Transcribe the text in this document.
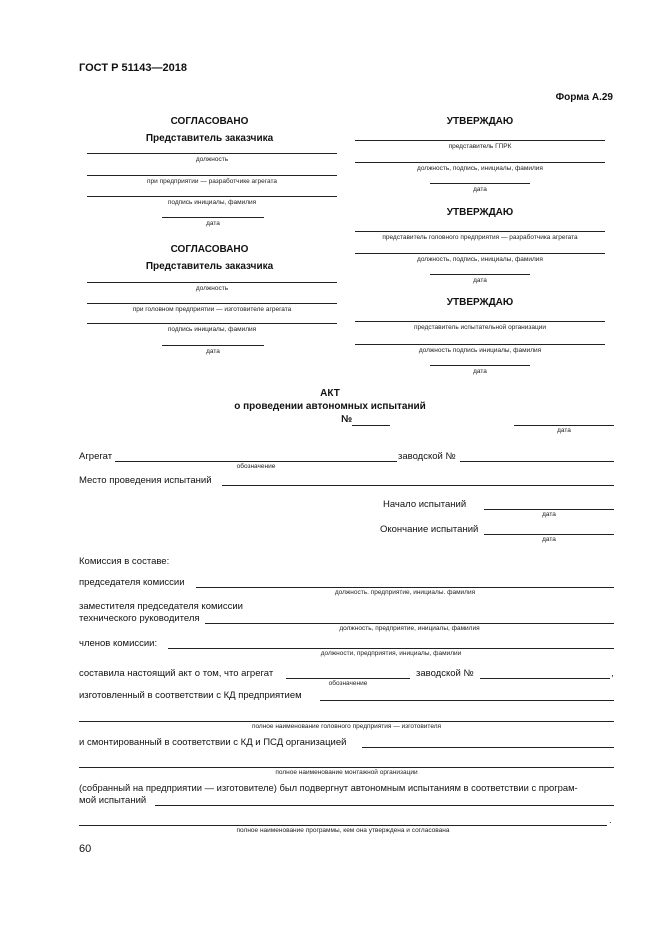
ГОСТ Р 51143—2018
Форма А.29
СОГЛАСОВАНО
Представитель заказчика
должность
при предприятии — разработчике агрегата
подпись инициалы, фамилия
дата
СОГЛАСОВАНО
Представитель заказчика
должность
при головном предприятии — изготовителе агрегата
подпись инициалы, фамилия
дата
УТВЕРЖДАЮ
представитель ГПРК
должность, подпись, инициалы, фамилия
дата
УТВЕРЖДАЮ
представитель головного предприятия — разработчика агрегата
должность, подпись, инициалы, фамилия
дата
УТВЕРЖДАЮ
представитель испытательной организации
должность подпись инициалы, фамилия
дата
АКТ
о проведении автономных испытаний
№
дата
Агрегат
обозначение
заводской №
Место проведения испытаний
Начало испытаний
дата
Окончание испытаний
дата
Комиссия в составе:
председателя комиссии
должность. предприятие, инициалы. фамилия
заместителя председателя комиссии
технического руководителя
должность, предприятие, инициалы, фамилия
членов комиссии:
должности, предприятия, инициалы, фамилии
составила настоящий акт о том, что агрегат
обозначение
заводской №	,
изготовленный в соответствии с КД предприятием
полное наименование головного предприятия — изготовителя
и смонтированный в соответствии с КД и ПСД организацией
полное наименование монтажной организации
(собранный на предприятии — изготовителе) был подвергнут автономным испытаниям в соответствии с програм-
мой испытаний
.
полное наименование программы, кем она утверждена и согласована
60
